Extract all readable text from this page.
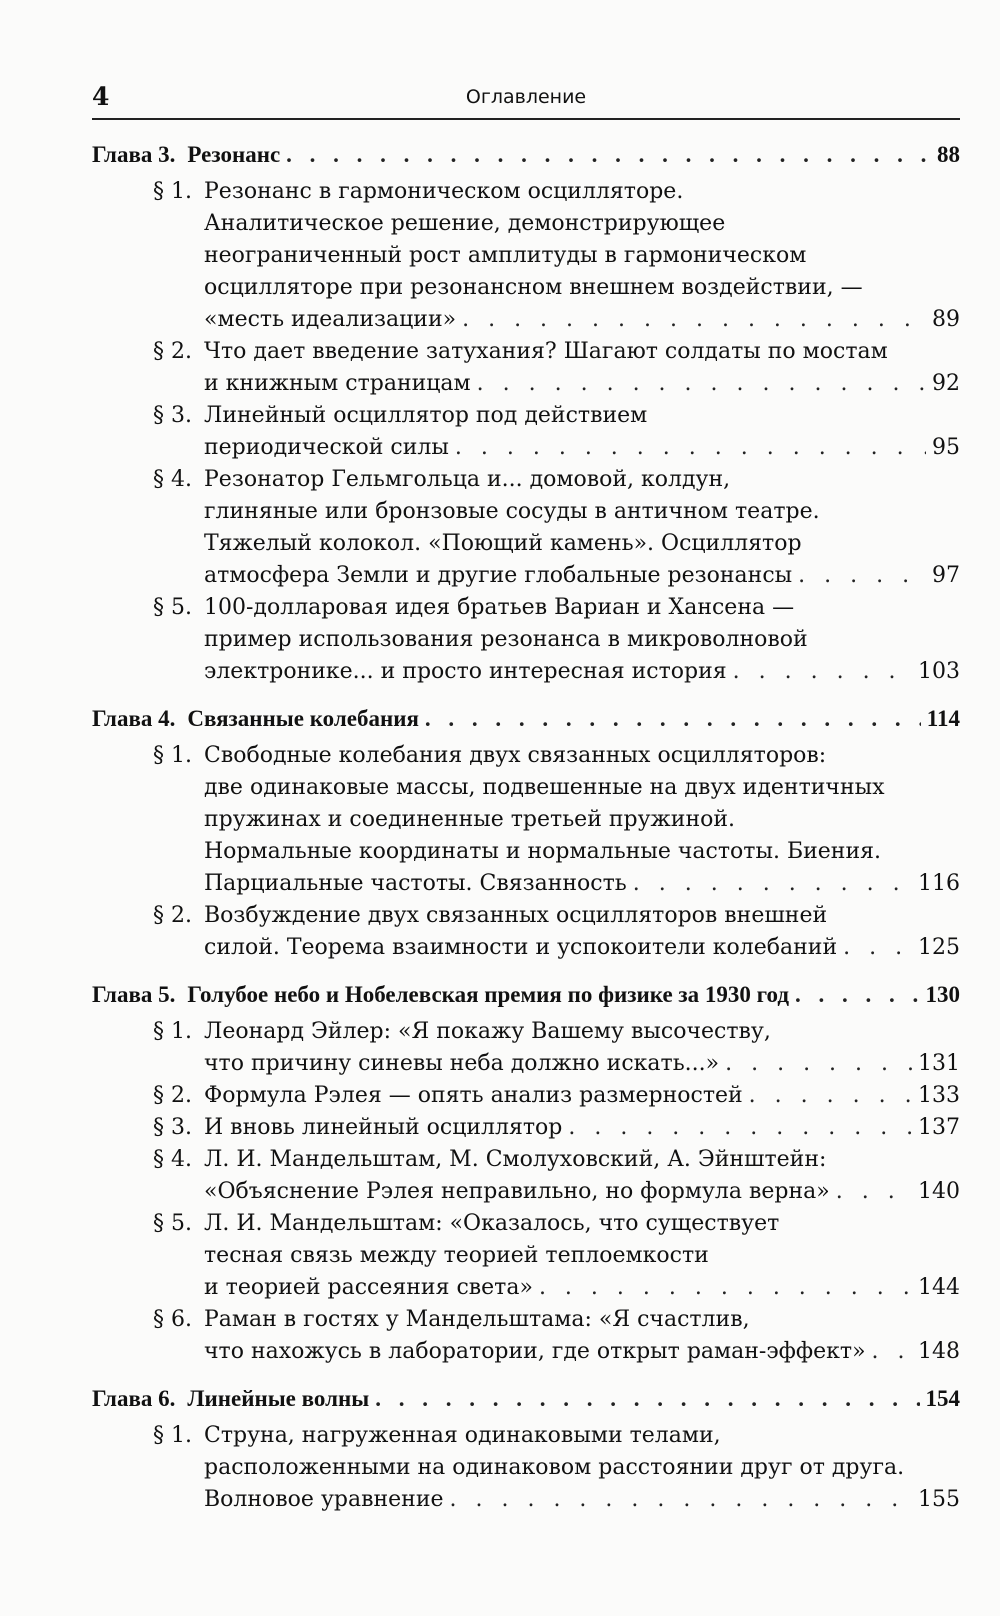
4	Оглавление
Глава 3. Резонанс . . .	88
§ 1. Резонанс в гармоническом осцилляторе.
Аналитическое решение, демонстрирующее
неограниченный рост амплитуды в гармоническом
осцилляторе при резонансном внешнем воздействии, —
«месть идеализации» . . .	89
§ 2. Что дает введение затухания? Шагают солдаты по мостам
и книжным страницам . . .	92
§ 3. Линейный осциллятор под действием
периодической силы . . .	95
§ 4. Резонатор Гельмгольца и... домовой, колдун,
глиняные или бронзовые сосуды в античном театре.
Тяжелый колокол. «Поющий камень». Осциллятор
атмосфера Земли и другие глобальные резонансы . . .	97
§ 5. 100-долларовая идея братьев Вариан и Хансена —
пример использования резонанса в микроволновой
электронике... и просто интересная история . . .	103
Глава 4. Связанные колебания . . .	114
§ 1. Свободные колебания двух связанных осцилляторов:
две одинаковые массы, подвешенные на двух идентичных
пружинах и соединенные третьей пружиной.
Нормальные координаты и нормальные частоты. Биения.
Парциальные частоты. Связанность . . .	116
§ 2. Возбуждение двух связанных осцилляторов внешней
силой. Теорема взаимности и успокоители колебаний . . .	125
Глава 5. Голубое небо и Нобелевская премия по физике за 1930 год . . .	130
§ 1. Леонард Эйлер: «Я покажу Вашему высочеству,
что причину синевы неба должно искать...» . . .	131
§ 2. Формула Рэлея — опять анализ размерностей . . .	133
§ 3. И вновь линейный осциллятор . . .	137
§ 4. Л. И. Мандельштам, М. Смолуховский, А. Эйнштейн:
«Объяснение Рэлея неправильно, но формула верна» . . .	140
§ 5. Л. И. Мандельштам: «Оказалось, что существует
тесная связь между теорией теплоемкости
и теорией рассеяния света» . . .	144
§ 6. Раман в гостях у Мандельштама: «Я счастлив,
что нахожусь в лаборатории, где открыт раман-эффект» . . . 148
Глава 6. Линейные волны . . .	154
§ 1. Струна, нагруженная одинаковыми телами,
расположенными на одинаковом расстоянии друг от друга.
Волновое уравнение . . .	155
